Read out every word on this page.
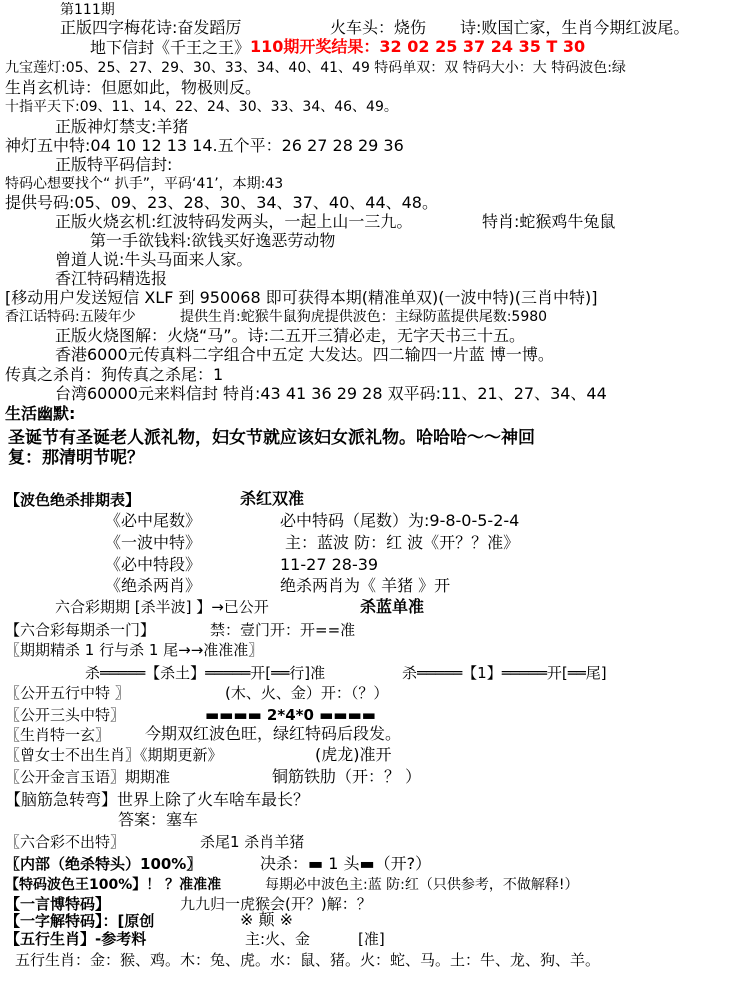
第111期
正版四字梅花诗:奋发蹈厉	火车头：烧伤 诗:败国亡家，生肖今期红波尾。
地下信封《千王之王》 110期开奖结果：32 02 25 37 24 35 T 30
九宝莲灯:05、25、27、29、30、33、34、40、41、49 特码单双：双 特码大小：大 特码波色:绿
生肖玄机诗：但愿如此，物极则反。
十指平天下:09、11、14、22、24、30、33、34、46、49。
正版神灯禁支:羊猪
神灯五中特:04 10 12 13 14.五个平：26 27 28 29 36
正版特平码信封:
特码心想要找个“ 扒手”，平码‘41’，本期:43
提供号码:05、09、23、28、30、34、37、40、44、48。
正版火烧玄机:红波特码发两头，一起上山一三九。	特肖:蛇猴鸡牛兔鼠
第一手欲钱料:欲钱买好逸恶劳动物
曾道人说:牛头马面来人家。
香江特码精选报
[移动用户发送短信 XLF 到 950068 即可获得本期(精准单双)(一波中特)(三肖中特)]
香江话特码:五陵年少	提供生肖:蛇猴牛鼠狗虎提供波色：主绿防蓝提供尾数:5980
正版火烧图解：火烧“马”。诗:二五开三猜必走，无字天书三十五。
香港6000元传真料二字组合中五定 大发达。四二输四一片蓝 博一博。
传真之杀肖：狗传真之杀尾：1
台湾60000元来料信封 特肖:43 41 36 29 28 双平码:11、21、27、34、44
生活幽默:
圣诞节有圣诞老人派礼物，妇女节就应该妇女派礼物。哈哈哈～～神回
复：那清明节呢？
【波色绝杀排期表】	杀红双准
《必中尾数》	必中特码（尾数）为:9-8-0-5-2-4
《一波中特》	主：蓝波 防：红 波《开？？准》
《必中特段》	11-27 28-39
《绝杀两肖》	绝杀两肖为《 羊猪 》开
六合彩期期 [杀半波] 】→已公开	杀蓝单准
【六合彩每期杀一门】	禁：壹门开：开==准
〖期期精杀 1 行与杀 1 尾→→准准准〗
杀═════【杀土】═════开[══行]准	杀═════【1】═════开[══尾]
〖公开五行中特 〗	(木、火、金）开：（？）
〖公开三头中特〗	▬▬▬▬ 2*4*0 ▬▬▬▬
〖生肖特一玄〗 今期双红波色旺，绿红特码后段发。
〖曾女士不出生肖〗《期期更新》	(虎龙)准开
〖公开金言玉语〗期期准	铜筋铁肋（开：？ ）
【脑筋急转弯】世界上除了火车啥车最长？
答案：塞车
〖六合彩不出特〗	杀尾1 杀肖羊猪
〖内部（绝杀特头）100%〗	决杀：▬ 1 头▬（开?）
【特码波色王100%】！ ？准准准	每期必中波色主:蓝 防:红（只供参考，不做解释!）
【一言博特码】	九九归一虎猴会(开？)解：？
【一字解特码】：[原创	※ 颠 ※
【五行生肖】-参考料	主:火、金	[准]
五行生肖：金：猴、鸡。木：兔、虎。水：鼠、猪。火：蛇、马。土：牛、龙、狗、羊。
